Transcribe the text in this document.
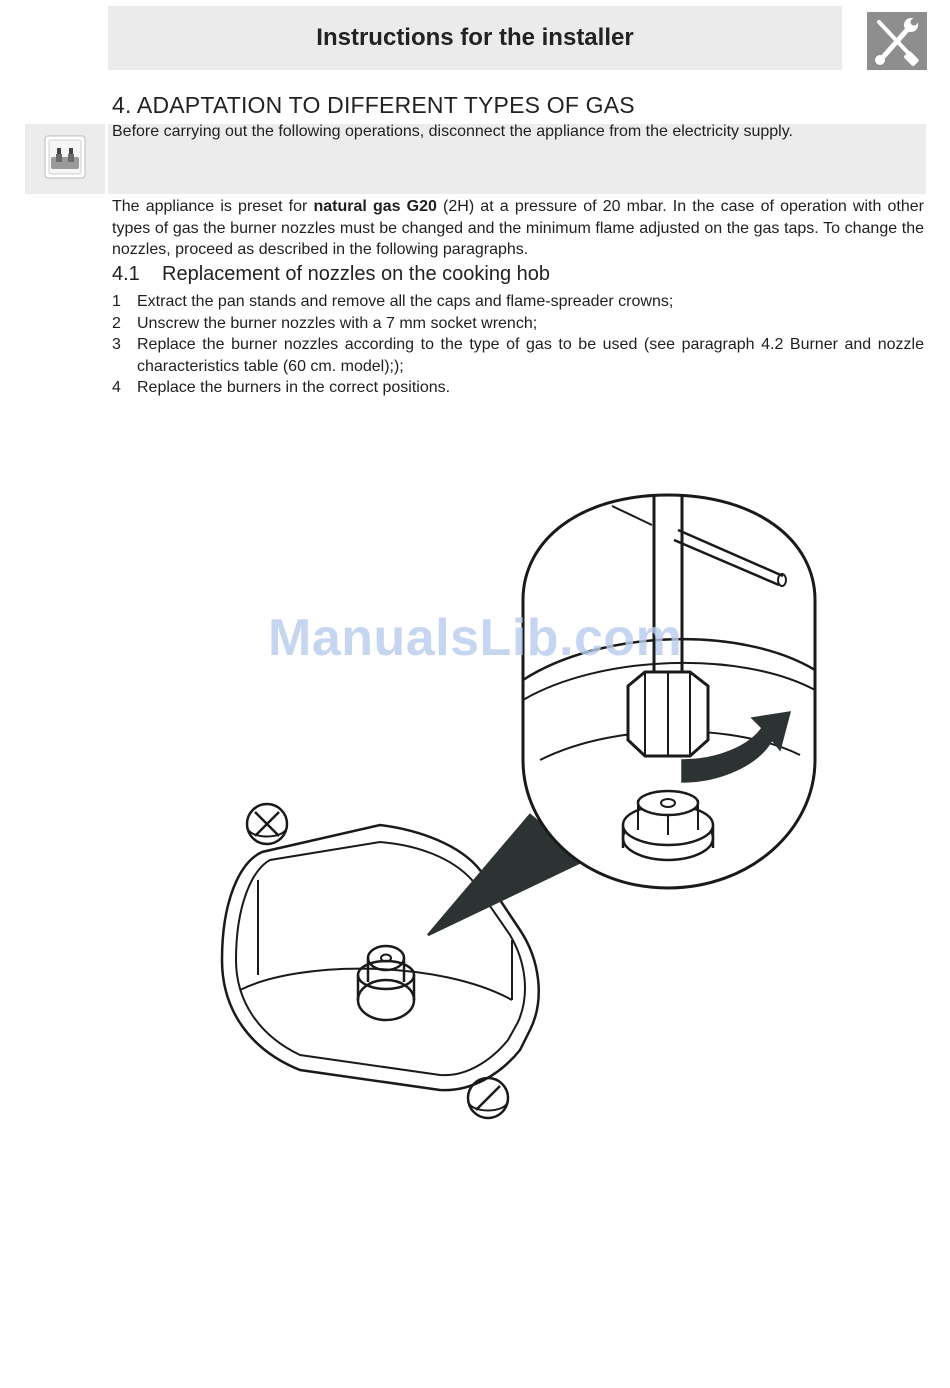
Instructions for the installer
4. ADAPTATION TO DIFFERENT TYPES OF GAS
Before carrying out the following operations, disconnect the appliance from the electricity supply.
The appliance is preset for natural gas G20 (2H) at a pressure of 20 mbar. In the case of operation with other types of gas the burner nozzles must be changed and the minimum flame adjusted on the gas taps. To change the nozzles, proceed as described in the following paragraphs.
4.1 Replacement of nozzles on the cooking hob
1 Extract the pan stands and remove all the caps and flame-spreader crowns;
2 Unscrew the burner nozzles with a 7 mm socket wrench;
3 Replace the burner nozzles according to the type of gas to be used (see paragraph 4.2 Burner and nozzle characteristics table (60 cm. model););
4 Replace the burners in the correct positions.
ManualsLib.com
